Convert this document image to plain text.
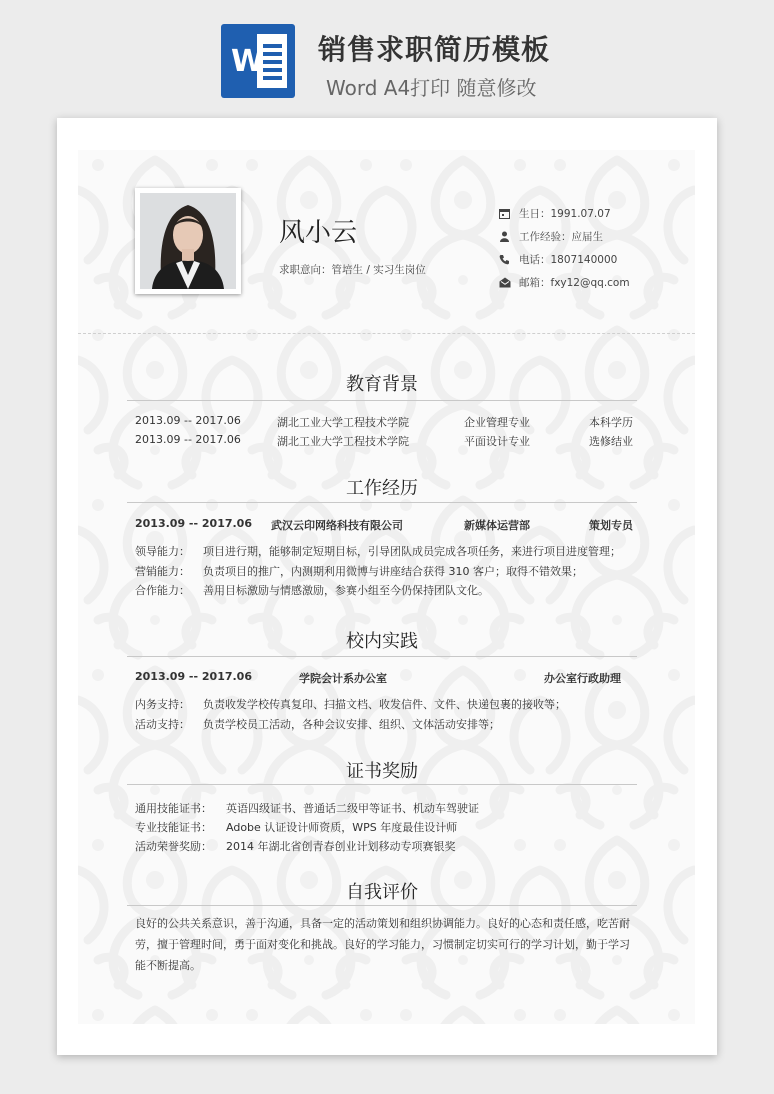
W 销售求职简历模板
Word A4打印 随意修改
风小云
求职意向：管培生 / 实习生岗位
生日：1991.07.07
工作经验：应届生
电话：1807140000
邮箱：fxy12@qq.com
教育背景
2013.09 -- 2017.06	湖北工业大学工程技术学院	企业管理专业	本科学历
2013.09 -- 2017.06	湖北工业大学工程技术学院	平面设计专业	选修结业
工作经历
2013.09 -- 2017.06 武汉云印网络科技有限公司	新媒体运营部	策划专员
领导能力： 项目进行期，能够制定短期目标，引导团队成员完成各项任务，来进行项目进度管理；
营销能力： 负责项目的推广，内测期利用微博与讲座结合获得 310 客户；取得不错效果；
合作能力： 善用目标激励与情感激励，参赛小组至今仍保持团队文化。
校内实践
2013.09 -- 2017.06	学院会计系办公室	办公室行政助理
内务支持： 负责收发学校传真复印、扫描文档、收发信件、文件、快递包裹的接收等；
活动支持： 负责学校员工活动，各种会议安排、组织、文体活动安排等；
证书奖励
通用技能证书： 英语四级证书、普通话二级甲等证书、机动车驾驶证
专业技能证书： Adobe 认证设计师资质，WPS 年度最佳设计师
活动荣誉奖励： 2014 年湖北省创青春创业计划移动专项赛银奖
自我评价
良好的公共关系意识，善于沟通，具备一定的活动策划和组织协调能力。良好的心态和责任感，吃苦耐劳，擅于管理时间，勇于面对变化和挑战。良好的学习能力，习惯制定切实可行的学习计划，勤于学习能不断提高。
